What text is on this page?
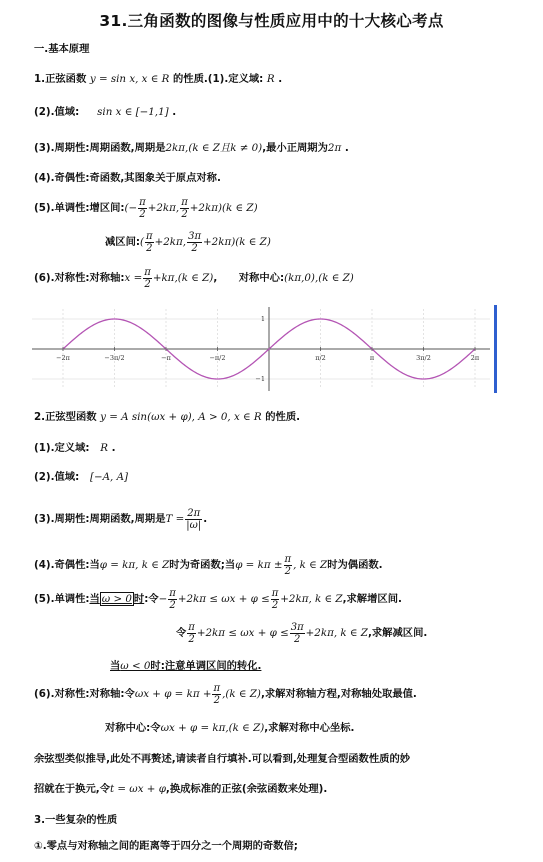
31.三角函数的图像与性质应用中的十大核心考点
一.基本原理
1.正弦函数 y = sin x, x ∈ R 的性质.(1).定义域: R .
(2).值域: sin x ∈ [−1,1] .
(3).周期性:周期函数,周期是2kπ,(k ∈ Z且k ≠ 0),最小正周期为2π .
(4).奇偶性:奇函数,其图象关于原点对称.
(5).单调性:增区间:(− $\frac{\pi}{2} +2k\pi$, $\frac{\pi}{2} +2k\pi)(k$ ∈ Z)
减区间:( $\frac{\pi}{2} +2k\pi$, $\frac{3\pi}{2} +2k\pi)(k$ ∈ Z)
(6).对称性:对称轴:x = $\frac{\pi}{2} +k\pi,(k$ ∈ Z), 对称中心:(kπ,0),(k ∈ Z)
−2π	−3π/2	−π	−π/2	π/2	π	3π/2	2π
1
−1
2.正弦型函数 y = A sin(ωx + φ), A > 0, x ∈ R 的性质.
(1).定义域: R .
(2).值域: [−A, A]
(3).周期性:周期函数,周期是$T = \frac{2\pi}{|\omega|}$ .
(4).奇偶性:当φ = kπ, k ∈ Z时为奇函数;当$\varphi = k\pi \pm \frac{\pi}{2}$ , k ∈ Z时为偶函数.
(5).单调性:当 ω > 0 时:令− $\frac{\pi}{2} +2k\pi \le \omega x + \varphi \le \frac{\pi}{2} +2k\pi$, k ∈ Z,求解增区间.
令 $\frac{\pi}{2} +2k\pi \le \omega x + \varphi \le \frac{3\pi}{2} +2k\pi$, k ∈ Z,求解减区间.
当ω < 0时:注意单调区间的转化.
(6).对称性:对称轴:令$\omega x + \varphi = k\pi + \frac{\pi}{2} ,(k$ ∈ Z),求解对称轴方程,对称轴处取最值.
对称中心:令ωx + φ = kπ,(k ∈ Z),求解对称中心坐标.
余弦型类似推导,此处不再赘述,请读者自行填补.可以看到,处理复合型函数性质的妙
招就在于换元,令t = ωx + φ,换成标准的正弦(余弦函数来处理).
3.一些复杂的性质
①.零点与对称轴之间的距离等于四分之一个周期的奇数倍;
